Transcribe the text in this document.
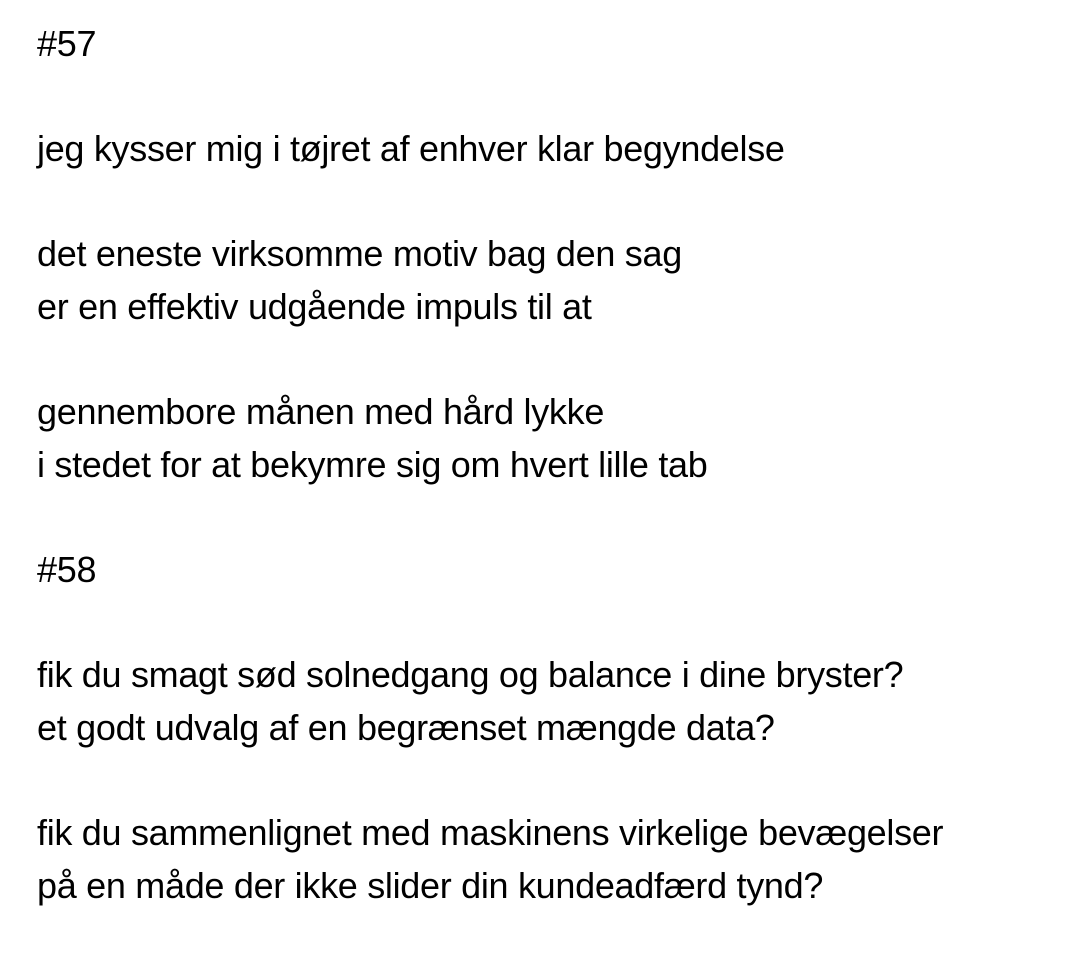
#57
jeg kysser mig i tøjret af enhver klar begyndelse
det eneste virksomme motiv bag den sag
er en effektiv udgående impuls til at
gennembore månen med hård lykke
i stedet for at bekymre sig om hvert lille tab
#58
fik du smagt sød solnedgang og balance i dine bryster?
et godt udvalg af en begrænset mængde data?
fik du sammenlignet med maskinens virkelige bevægelser
på en måde der ikke slider din kundeadfærd tynd?
